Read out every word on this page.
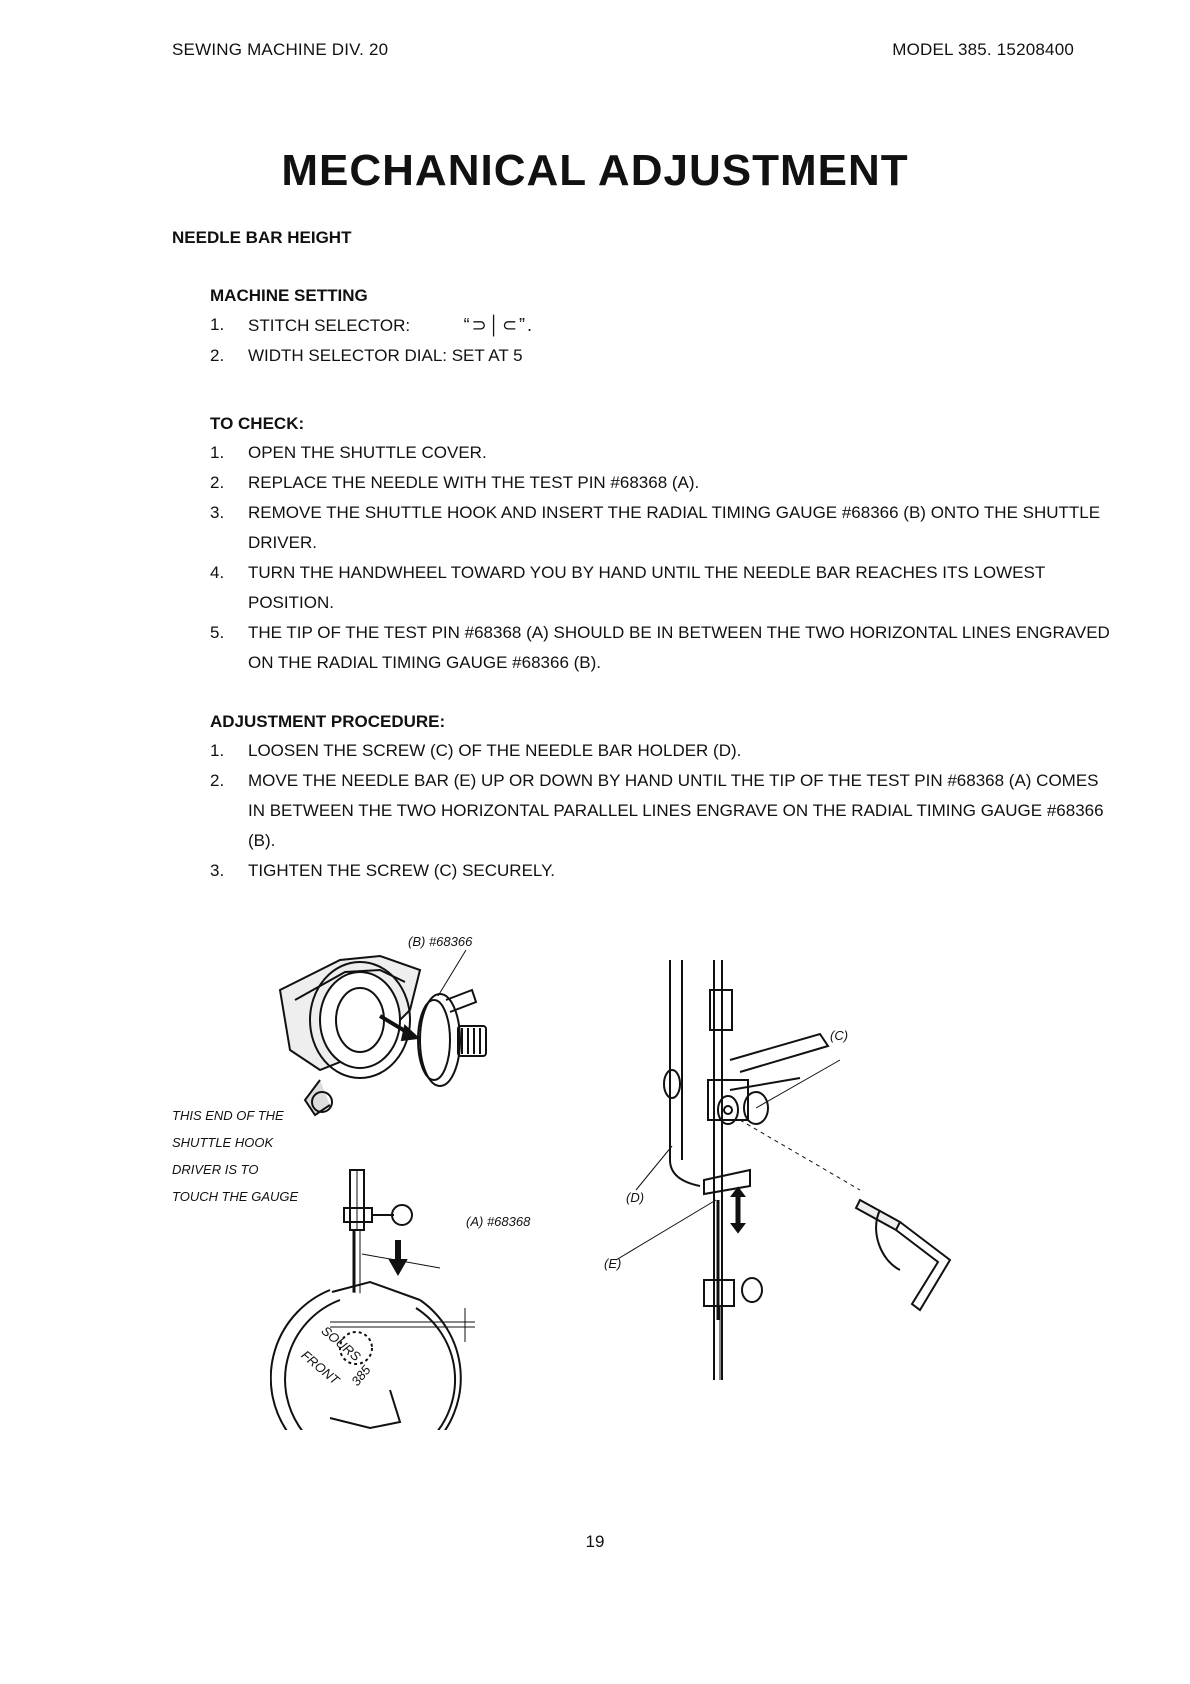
SEWING MACHINE DIV. 20	MODEL 385. 15208400
MECHANICAL ADJUSTMENT
NEEDLE BAR HEIGHT
MACHINE SETTING
1.	STITCH SELECTOR:	“⊃│⊂”.
2.	WIDTH SELECTOR DIAL: SET AT 5
TO CHECK:
1.	OPEN THE SHUTTLE COVER.
2.	REPLACE THE NEEDLE WITH THE TEST PIN #68368 (A).
3.	REMOVE THE SHUTTLE HOOK AND INSERT THE RADIAL TIMING GAUGE #68366 (B) ONTO THE SHUTTLE DRIVER.
4.	TURN THE HANDWHEEL TOWARD YOU BY HAND UNTIL THE NEEDLE BAR REACHES ITS LOWEST POSITION.
5.	THE TIP OF THE TEST PIN #68368 (A) SHOULD BE IN BETWEEN THE TWO HORIZONTAL LINES ENGRAVED ON THE RADIAL TIMING GAUGE #68366 (B).
ADJUSTMENT PROCEDURE:
1.	LOOSEN THE SCREW (C) OF THE NEEDLE BAR HOLDER (D).
2.	MOVE THE NEEDLE BAR (E) UP OR DOWN BY HAND UNTIL THE TIP OF THE TEST PIN #68368 (A) COMES IN BETWEEN THE TWO HORIZONTAL PARALLEL LINES ENGRAVE ON THE RADIAL TIMING GAUGE #68366 (B).
3.	TIGHTEN THE SCREW (C) SECURELY.
(B) #68366
THIS END OF THE
SHUTTLE HOOK
DRIVER IS TO
TOUCH THE GAUGE
(A) #68368
SOURS
FRONT 385
(C)
(D)
(E)
19
